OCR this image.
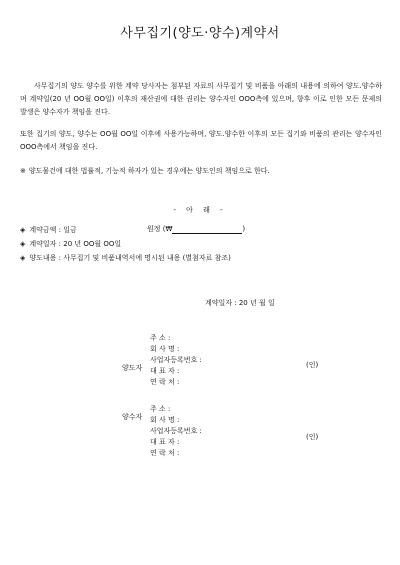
사무집기(양도·양수)계약서
사무집기의 양도 양수를 위한 계약 당사자는 첨부된 자료의 사무집기 및 비품을 아래의 내용에 의하여 양도.양수하며 계약일(20 년 OO월 OO일) 이후의 재산권에 대한 권리는 양수자인 OOO측에 있으며, 향후 이로 인한 모든 문제의 발생은 양수자가 책임을 진다.
또한 집기의 양도, 양수는 OO월 OO일 이후에 사용가능하며, 양도.양수한 이후의 모든 집기와 비품의 관리는 양수자인 OOO측에서 책임을 진다.
※ 양도물건에 대한 법률적, 기능적 하자가 있는 경우에는 양도인의 책임으로 한다.
- 아 래 -
◈ 계약금액 : 일금	원정 (₩	)
◈ 계약일자 : 20 년 OO월 OO일
◈ 양도내용 : 사무집기 및 비품내역서에 명시된 내용 (별첨자료 참조)
계약일자 : 20 년 월 일
양도자
주 소 :
회 사 명 :
사업자등록번호 :
대 표 자 :
연 락 처 :
(인)
양수자
주 소 :
회 사 명 :
사업자등록번호 :
대 표 자 :
연 락 처 :
(인)
